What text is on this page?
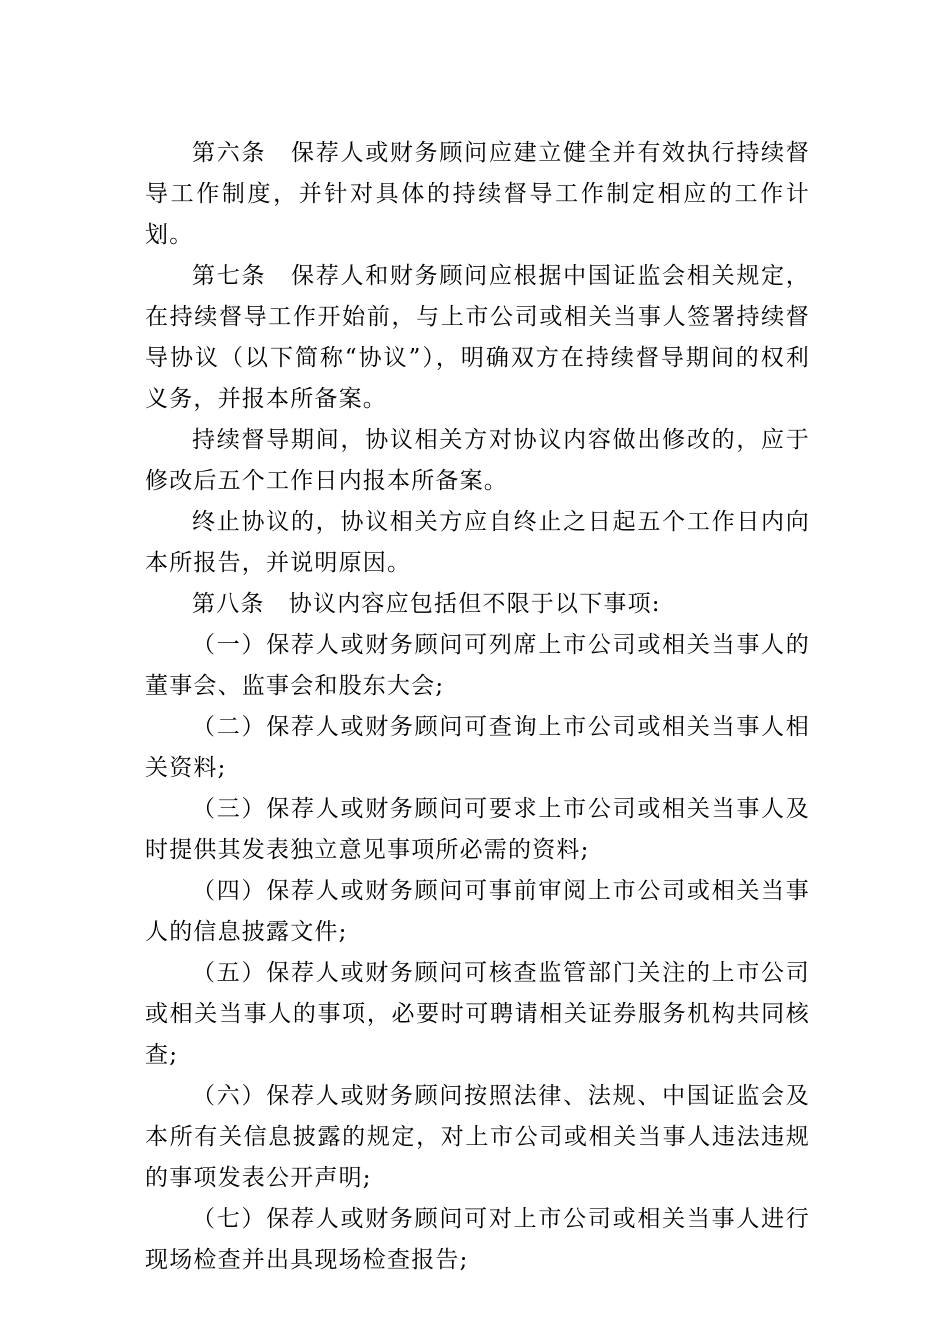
第六条　保荐人或财务顾问应建立健全并有效执行持续督导工作制度，并针对具体的持续督导工作制定相应的工作计划。

第七条　保荐人和财务顾问应根据中国证监会相关规定，在持续督导工作开始前，与上市公司或相关当事人签署持续督导协议（以下简称“协议”），明确双方在持续督导期间的权利义务，并报本所备案。

持续督导期间，协议相关方对协议内容做出修改的，应于修改后五个工作日内报本所备案。

终止协议的，协议相关方应自终止之日起五个工作日内向本所报告，并说明原因。

第八条　协议内容应包括但不限于以下事项:

（一）保荐人或财务顾问可列席上市公司或相关当事人的董事会、监事会和股东大会;

（二）保荐人或财务顾问可查询上市公司或相关当事人相关资料;

（三）保荐人或财务顾问可要求上市公司或相关当事人及时提供其发表独立意见事项所必需的资料;

（四）保荐人或财务顾问可事前审阅上市公司或相关当事人的信息披露文件;

（五）保荐人或财务顾问可核查监管部门关注的上市公司或相关当事人的事项，必要时可聘请相关证券服务机构共同核查;

（六）保荐人或财务顾问按照法律、法规、中国证监会及本所有关信息披露的规定，对上市公司或相关当事人违法违规的事项发表公开声明;

（七）保荐人或财务顾问可对上市公司或相关当事人进行现场检查并出具现场检查报告;
